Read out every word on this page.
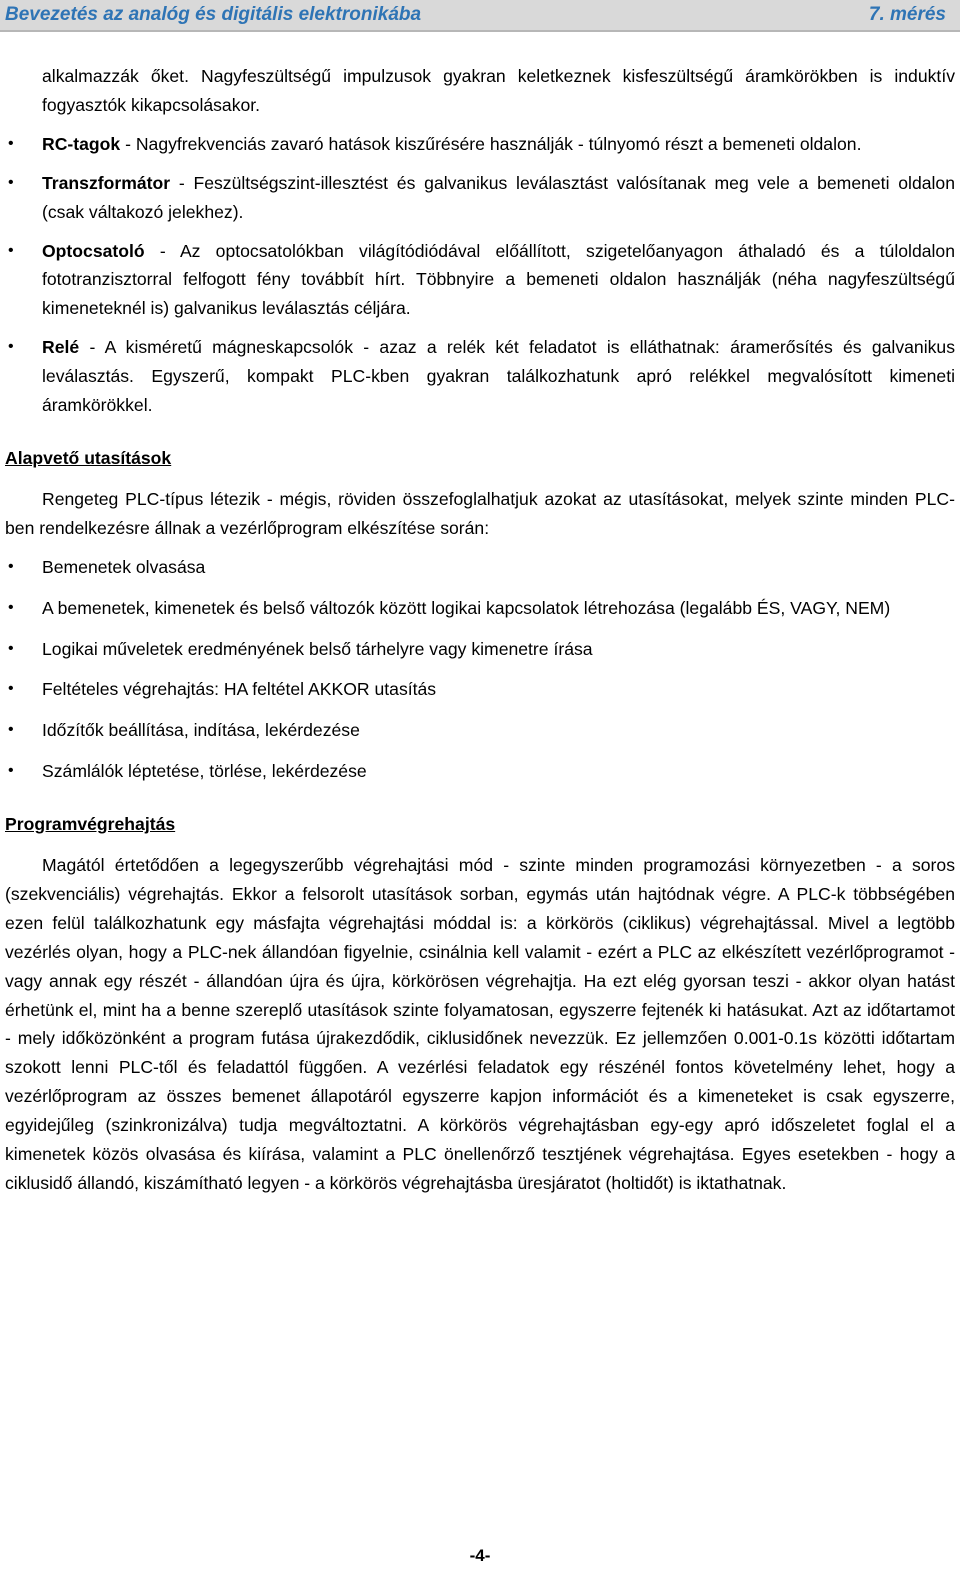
Bevezetés az analóg és digitális elektronikába	7. mérés

alkalmazzák őket. Nagyfeszültségű impulzusok gyakran keletkeznek kisfeszültségű áramkörökben is induktív fogyasztók kikapcsolásakor.

• RC-tagok - Nagyfrekvenciás zavaró hatások kiszűrésére használják - túlnyomó részt a bemeneti oldalon.

• Transzformátor - Feszültségszint-illesztést és galvanikus leválasztást valósítanak meg vele a bemeneti oldalon (csak váltakozó jelekhez).

• Optocsatoló - Az optocsatolókban világítódiódával előállított, szigetelőanyagon áthaladó és a túloldalon fototranzisztorral felfogott fény továbbít hírt. Többnyire a bemeneti oldalon használják (néha nagyfeszültségű kimeneteknél is) galvanikus leválasztás céljára.

• Relé - A kisméretű mágneskapcsolók - azaz a relék két feladatot is elláthatnak: áramerősítés és galvanikus leválasztás. Egyszerű, kompakt PLC-kben gyakran találkozhatunk apró relékkel megvalósított kimeneti áramkörökkel.

Alapvető utasítások

Rengeteg PLC-típus létezik - mégis, röviden összefoglalhatjuk azokat az utasításokat, melyek szinte minden PLC-ben rendelkezésre állnak a vezérlőprogram elkészítése során:

• Bemenetek olvasása

• A bemenetek, kimenetek és belső változók között logikai kapcsolatok létrehozása (legalább ÉS, VAGY, NEM)

• Logikai műveletek eredményének belső tárhelyre vagy kimenetre írása

• Feltételes végrehajtás: HA feltétel AKKOR utasítás

• Időzítők beállítása, indítása, lekérdezése

• Számlálók léptetése, törlése, lekérdezése

Programvégrehajtás

Magától értetődően a legegyszerűbb végrehajtási mód - szinte minden programozási környezetben - a soros (szekvenciális) végrehajtás. Ekkor a felsorolt utasítások sorban, egymás után hajtódnak végre. A PLC-k többségében ezen felül találkozhatunk egy másfajta végrehajtási móddal is: a körkörös (ciklikus) végrehajtással. Mivel a legtöbb vezérlés olyan, hogy a PLC-nek állandóan figyelnie, csinálnia kell valamit - ezért a PLC az elkészített vezérlőprogramot - vagy annak egy részét - állandóan újra és újra, körkörösen végrehajtja. Ha ezt elég gyorsan teszi - akkor olyan hatást érhetünk el, mint ha a benne szereplő utasítások szinte folyamatosan, egyszerre fejtenék ki hatásukat. Azt az időtartamot - mely időközönként a program futása újrakezdődik, ciklusidőnek nevezzük. Ez jellemzően 0.001-0.1s közötti időtartam szokott lenni PLC-től és feladattól függően. A vezérlési feladatok egy részénél fontos követelmény lehet, hogy a vezérlőprogram az összes bemenet állapotáról egyszerre kapjon információt és a kimeneteket is csak egyszerre, egyidejűleg (szinkronizálva) tudja megváltoztatni. A körkörös végrehajtásban egy-egy apró időszeletet foglal el a kimenetek közös olvasása és kiírása, valamint a PLC önellenőrző tesztjének végrehajtása. Egyes esetekben - hogy a ciklusidő állandó, kiszámítható legyen - a körkörös végrehajtásba üresjáratot (holtidőt) is iktathatnak.

-4-
